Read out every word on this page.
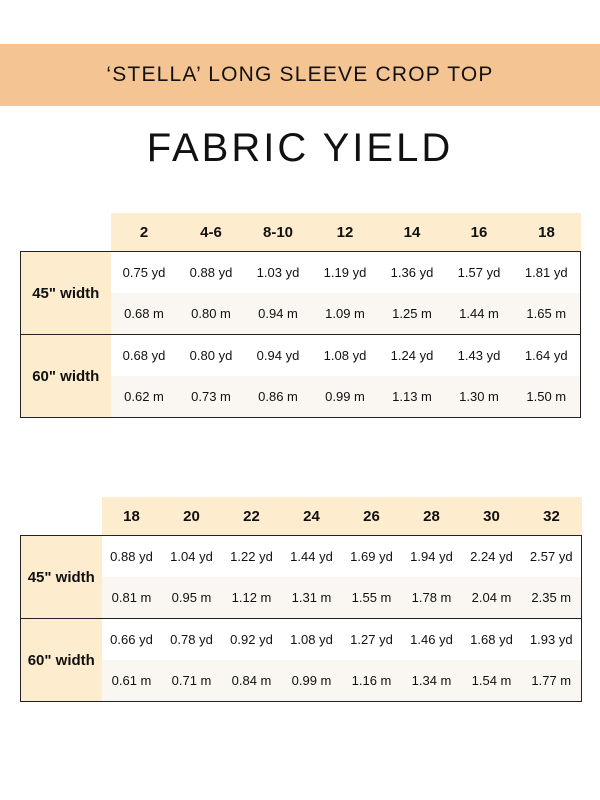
‘STELLA’ LONG SLEEVE CROP TOP
FABRIC YIELD
	2	4-6	8-10	12	14	16	18
45" width	0.75 yd	0.88 yd	1.03 yd	1.19 yd	1.36 yd	1.57 yd	1.81 yd
	0.68 m	0.80 m	0.94 m	1.09 m	1.25 m	1.44 m	1.65 m
60" width	0.68 yd	0.80 yd	0.94 yd	1.08 yd	1.24 yd	1.43 yd	1.64 yd
	0.62 m	0.73 m	0.86 m	0.99 m	1.13 m	1.30 m	1.50 m
	18	20	22	24	26	28	30	32
45" width	0.88 yd	1.04 yd	1.22 yd	1.44 yd	1.69 yd	1.94 yd	2.24 yd	2.57 yd
	0.81 m	0.95 m	1.12 m	1.31 m	1.55 m	1.78 m	2.04 m	2.35 m
60" width	0.66 yd	0.78 yd	0.92 yd	1.08 yd	1.27 yd	1.46 yd	1.68 yd	1.93 yd
	0.61 m	0.71 m	0.84 m	0.99 m	1.16 m	1.34 m	1.54 m	1.77 m
